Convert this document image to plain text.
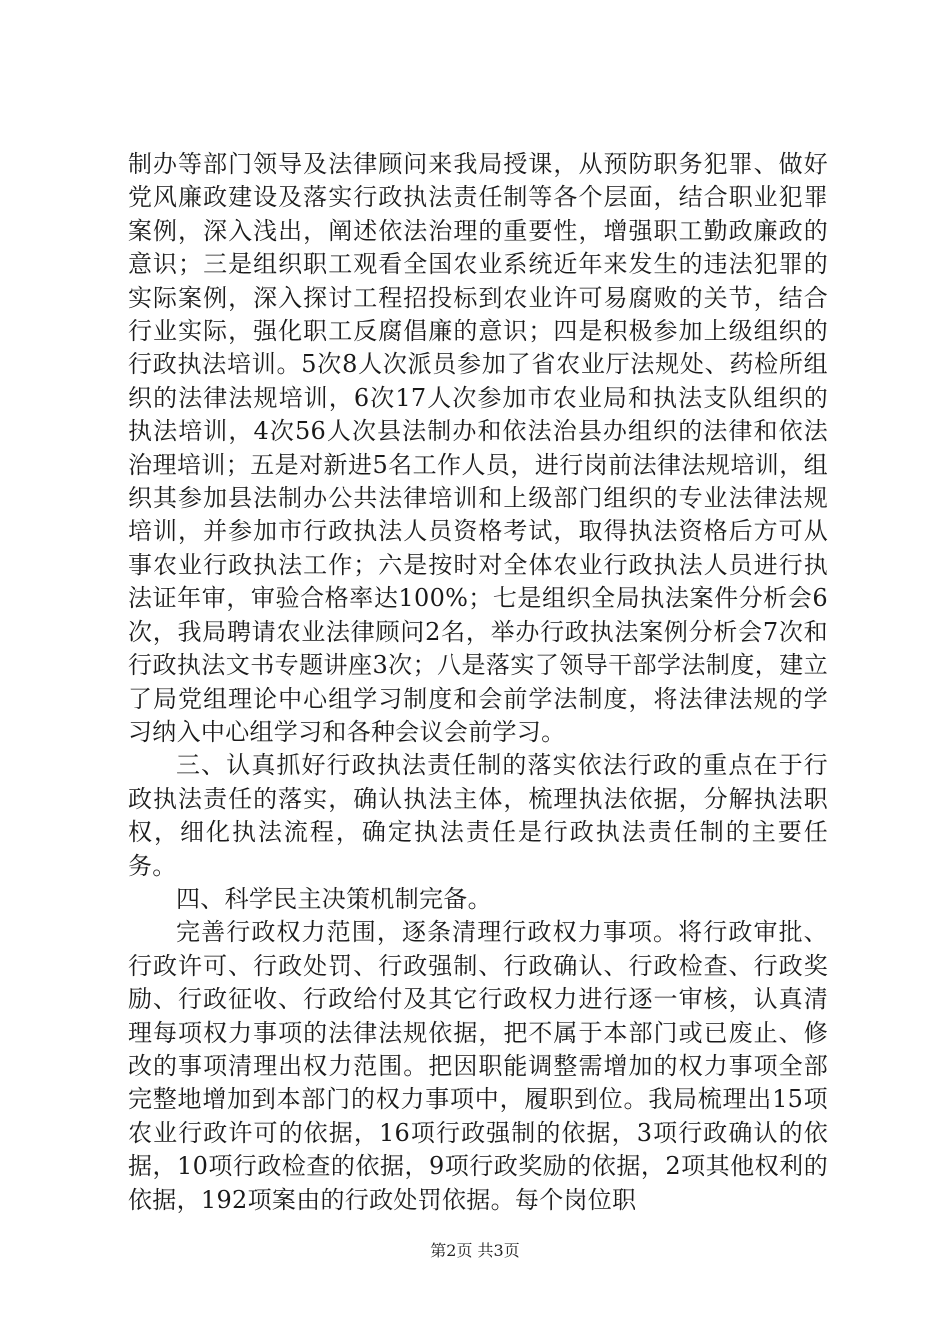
制办等部门领导及法律顾问来我局授课，从预防职务犯罪、做好党风廉政建设及落实行政执法责任制等各个层面，结合职业犯罪案例，深入浅出，阐述依法治理的重要性，增强职工勤政廉政的意识；三是组织职工观看全国农业系统近年来发生的违法犯罪的实际案例，深入探讨工程招投标到农业许可易腐败的关节，结合行业实际，强化职工反腐倡廉的意识；四是积极参加上级组织的行政执法培训。5次8人次派员参加了省农业厅法规处、药检所组织的法律法规培训，6次17人次参加市农业局和执法支队组织的执法培训，4次56人次县法制办和依法治县办组织的法律和依法治理培训；五是对新进5名工作人员，进行岗前法律法规培训，组织其参加县法制办公共法律培训和上级部门组织的专业法律法规培训，并参加市行政执法人员资格考试，取得执法资格后方可从事农业行政执法工作；六是按时对全体农业行政执法人员进行执法证年审，审验合格率达100%；七是组织全局执法案件分析会6次，我局聘请农业法律顾问2名，举办行政执法案例分析会7次和行政执法文书专题讲座3次；八是落实了领导干部学法制度，建立了局党组理论中心组学习制度和会前学法制度，将法律法规的学习纳入中心组学习和各种会议会前学习。

三、认真抓好行政执法责任制的落实依法行政的重点在于行政执法责任的落实，确认执法主体，梳理执法依据，分解执法职权，细化执法流程，确定执法责任是行政执法责任制的主要任务。

四、科学民主决策机制完备。

完善行政权力范围，逐条清理行政权力事项。将行政审批、行政许可、行政处罚、行政强制、行政确认、行政检查、行政奖励、行政征收、行政给付及其它行政权力进行逐一审核，认真清理每项权力事项的法律法规依据，把不属于本部门或已废止、修改的事项清理出权力范围。把因职能调整需增加的权力事项全部完整地增加到本部门的权力事项中，履职到位。我局梳理出15项农业行政许可的依据，16项行政强制的依据，3项行政确认的依据，10项行政检查的依据，9项行政奖励的依据，2项其他权利的依据，192项案由的行政处罚依据。每个岗位职

第2页 共3页
